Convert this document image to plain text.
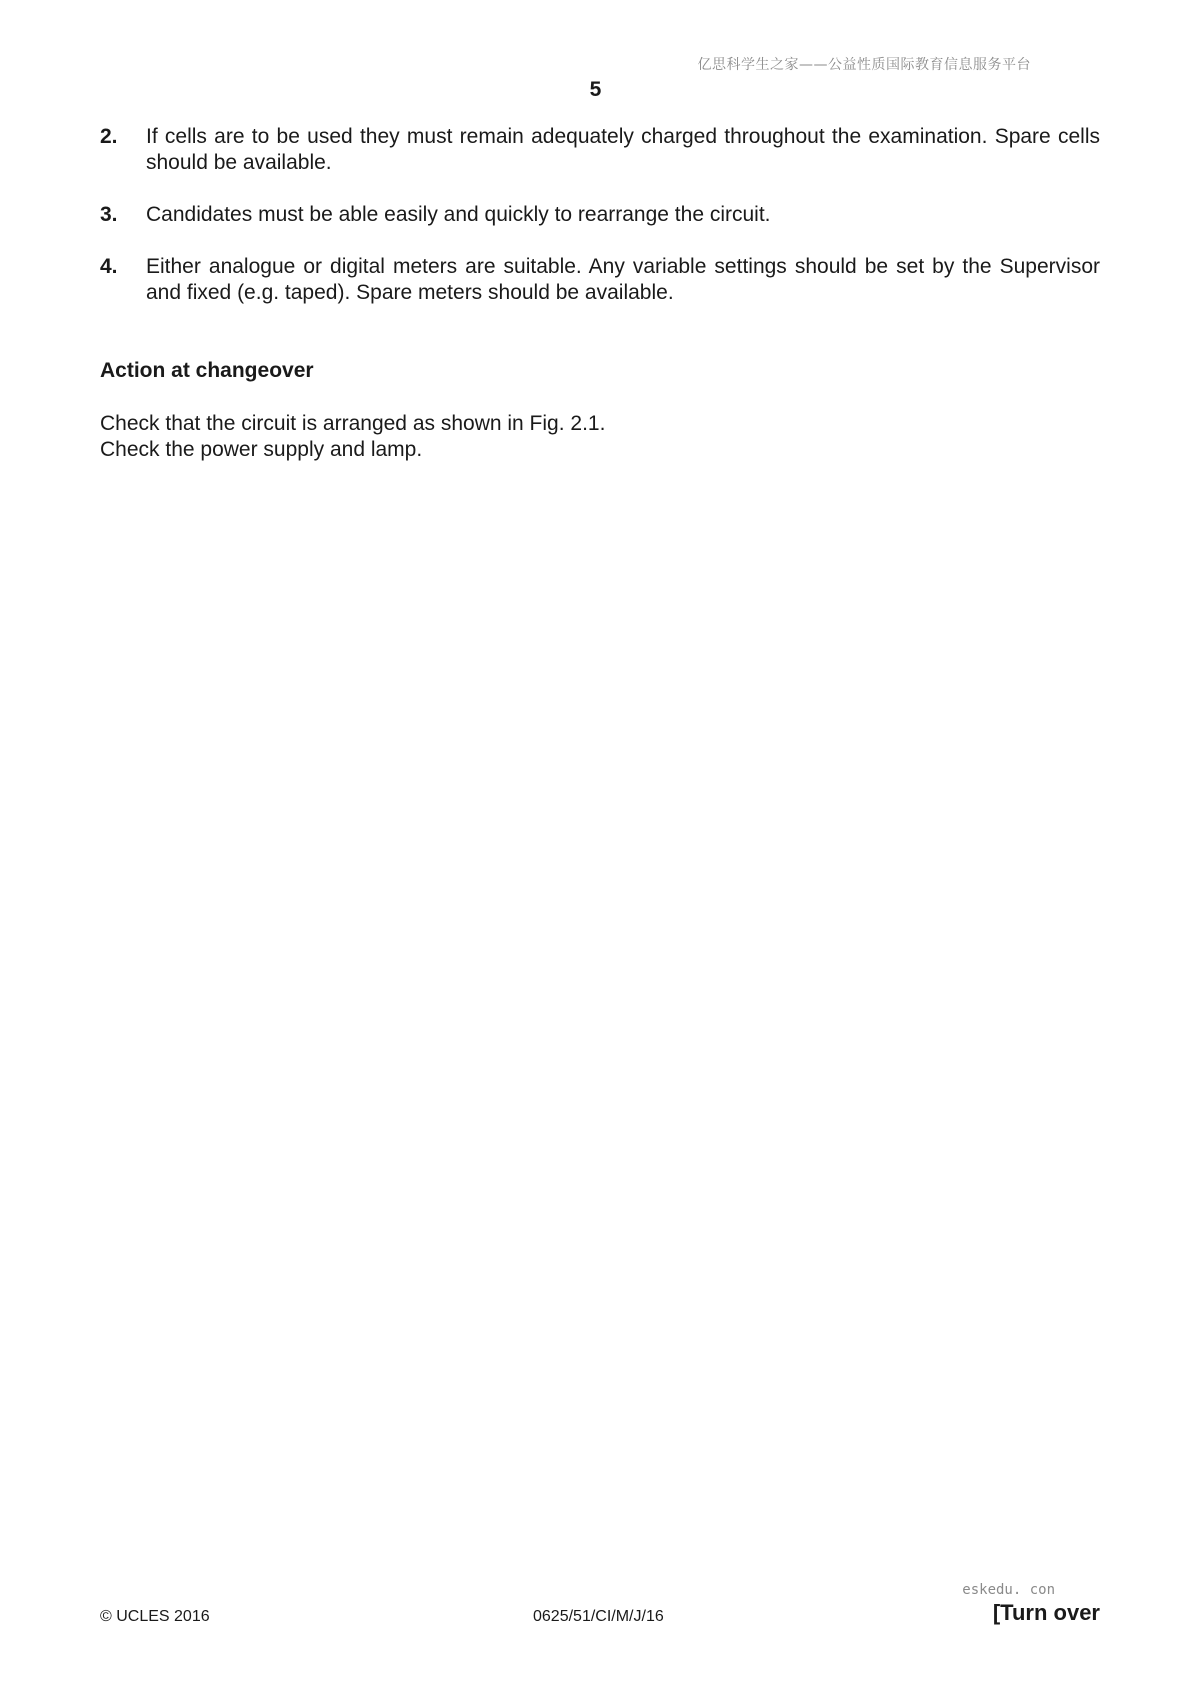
亿思科学生之家——公益性质国际教育信息服务平台
5
2. If cells are to be used they must remain adequately charged throughout the examination. Spare cells should be available.
3. Candidates must be able easily and quickly to rearrange the circuit.
4. Either analogue or digital meters are suitable. Any variable settings should be set by the Supervisor and fixed (e.g. taped). Spare meters should be available.
Action at changeover
Check that the circuit is arranged as shown in Fig. 2.1.
Check the power supply and lamp.
eskedu. con
© UCLES 2016	0625/51/CI/M/J/16	[Turn over
